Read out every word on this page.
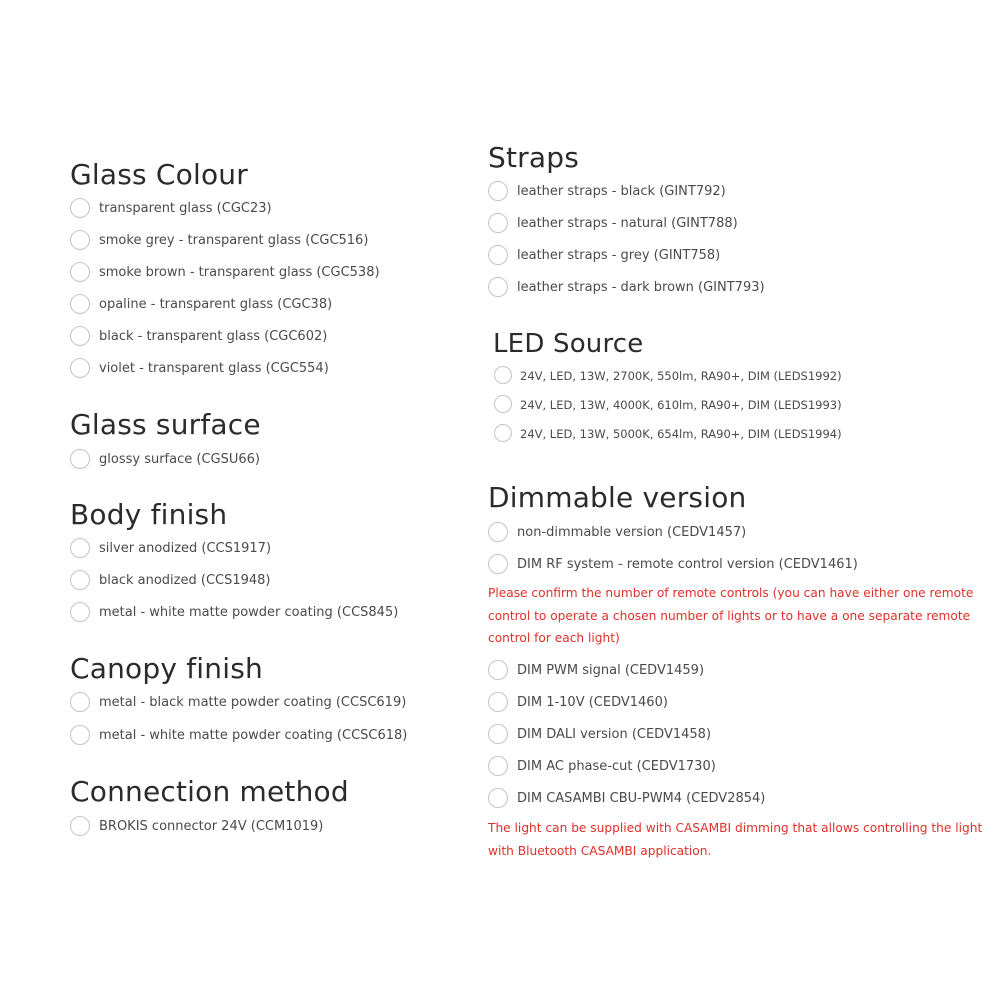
Glass Colour
transparent glass (CGC23)
smoke grey - transparent glass (CGC516)
smoke brown - transparent glass (CGC538)
opaline - transparent glass (CGC38)
black - transparent glass (CGC602)
violet - transparent glass (CGC554)
Glass surface
glossy surface (CGSU66)
Body finish
silver anodized (CCS1917)
black anodized (CCS1948)
metal - white matte powder coating (CCS845)
Canopy finish
metal - black matte powder coating (CCSC619)
metal - white matte powder coating (CCSC618)
Connection method
BROKIS connector 24V (CCM1019)
Straps
leather straps - black (GINT792)
leather straps - natural (GINT788)
leather straps - grey (GINT758)
leather straps - dark brown (GINT793)
LED Source
24V, LED, 13W, 2700K, 550lm, RA90+, DIM (LEDS1992)
24V, LED, 13W, 4000K, 610lm, RA90+, DIM (LEDS1993)
24V, LED, 13W, 5000K, 654lm, RA90+, DIM (LEDS1994)
Dimmable version
non-dimmable version (CEDV1457)
DIM RF system - remote control version (CEDV1461)
Please confirm the number of remote controls (you can have either one remote
control to operate a chosen number of lights or to have a one separate remote
control for each light)
DIM PWM signal (CEDV1459)
DIM 1-10V (CEDV1460)
DIM DALI version (CEDV1458)
DIM AC phase-cut (CEDV1730)
DIM CASAMBI CBU-PWM4 (CEDV2854)
The light can be supplied with CASAMBI dimming that allows controlling the light
with Bluetooth CASAMBI application.
